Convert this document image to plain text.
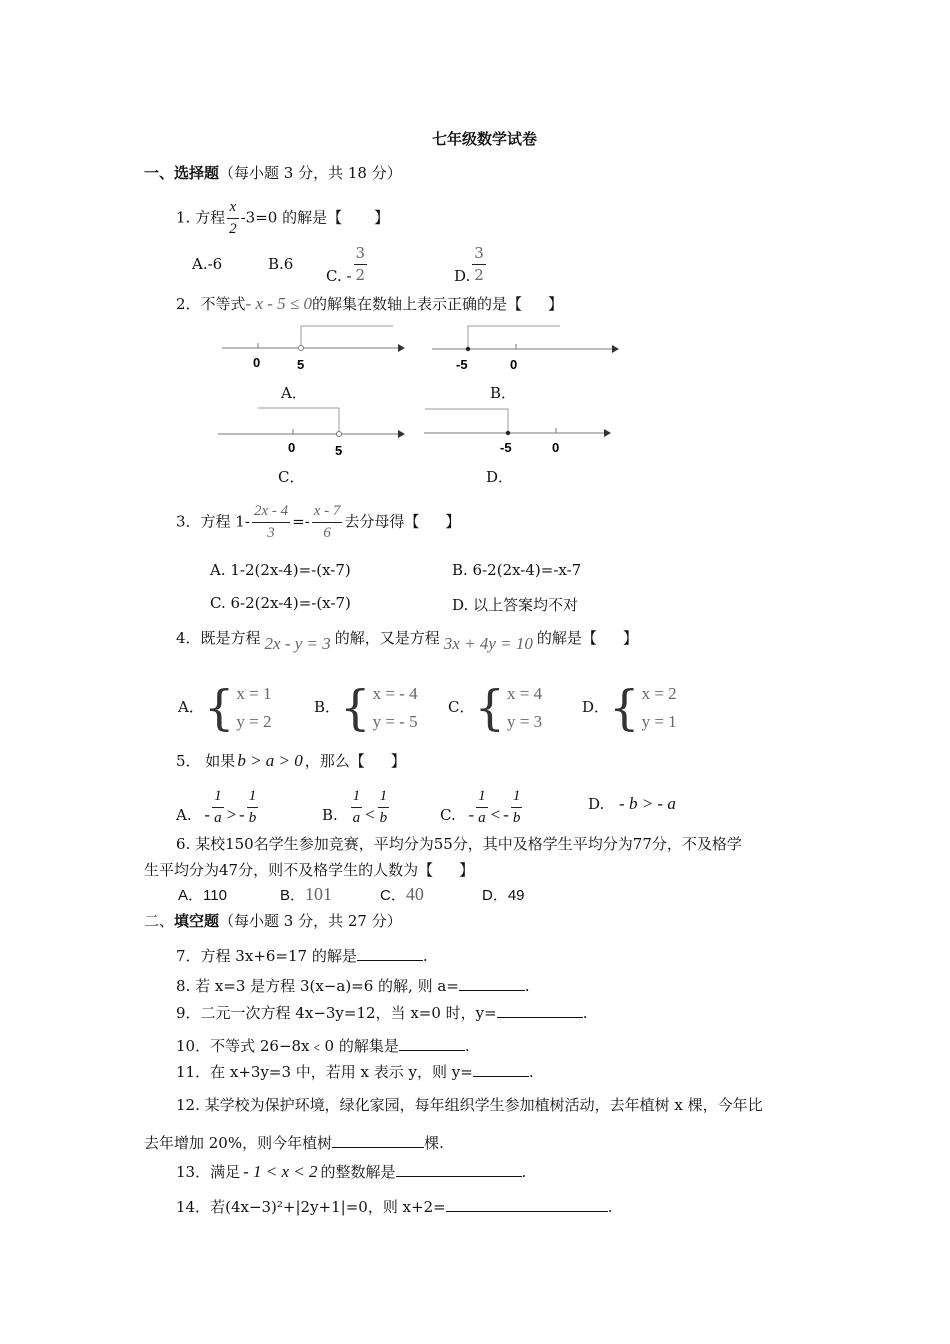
七年级数学试卷
一、选择题（每小题 3 分，共 18 分）
1. 方程 $\frac{x}{2} -3=0$ 的解是【 】
A.-6	B.6
C. - $\frac{3}{2}$	D. $\frac{3}{2}$
2．不等式- x - 5 ≤ 0的解集在数轴上表示正确的是【 】
0	5	-5	0
0	5	-5	0
A．	B．
C．	D．
3．方程 $1- \frac{2x - 4}{3} =- \frac{x - 7}{6}$ 去分母得【 】
A. 1-2(2x-4)=-(x-7)	B. 6-2(2x-4)=-x-7
C. 6-2(2x-4)=-(x-7)	D. 以上答案均不对
4．既是方程 2x - y = 3 的解，又是方程 3x + 4y = 10 的解是【 】
A．{ x = 1
y = 2
B．{ x = - 4
y = - 5
C．{ x = 4
y = 3
D．{ x = 2
y = 1
5． 如果 b > a > 0 ，那么【 】
A. - $\frac{1}{a}$ > - $\frac{1}{b}$	B. $\frac{1}{a} < \frac{1}{b}$	C. - $\frac{1}{a}$ < - $\frac{1}{b}$	D. - b > - a
6. 某校150名学生参加竞赛，平均分为55分，其中及格学生平均分为77分，不及格学
生平均分为47分，则不及格学生的人数为【 】
A．110	B．101	C．40	D．49
二、填空题（每小题 3 分，共 27 分）
7．方程 3x+6=17 的解是	.
8. 若 x=3 是方程 3(x−a)=6 的解, 则 a=	.
9．二元一次方程 4x−3y=12，当 x=0 时，y=	.
10．不等式 26−8x﹤0 的解集是	.
11．在 x+3y=3 中，若用 x 表示 y，则 y=	.
12. 某学校为保护环境，绿化家园，每年组织学生参加植树活动，去年植树 x 棵，今年比
去年增加 20%，则今年植树	棵.
13．满足 - 1 < x < 2 的整数解是	.
14．若(4x−3)²+|2y+1|=0，则 x+2=	.
